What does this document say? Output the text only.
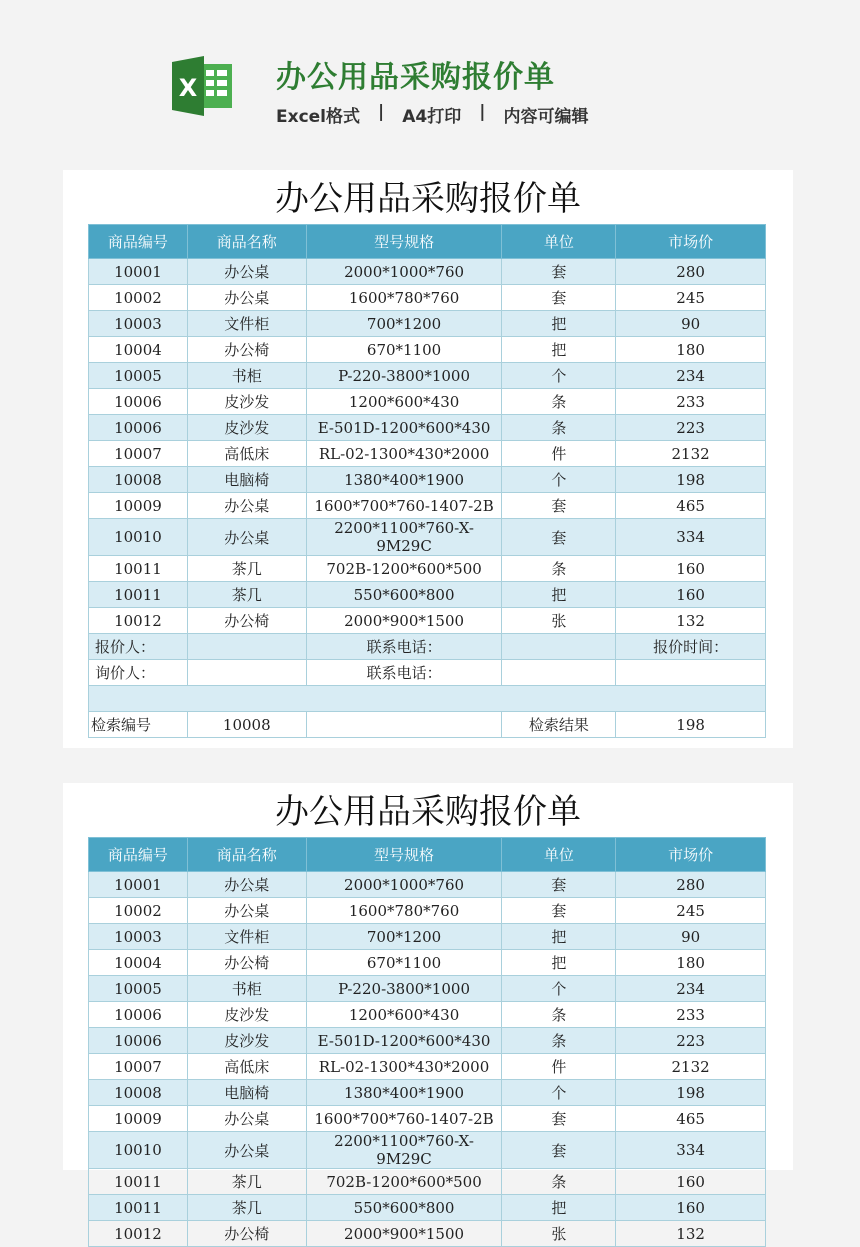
X	办公用品采购报价单
Excel格式 | A4打印 | 内容可编辑
办公用品采购报价单
商品编号	商品名称	型号规格	单位	市场价
10001	办公桌	2000*1000*760	套	280
10002	办公桌	1600*780*760	套	245
10003	文件柜	700*1200	把	90
10004	办公椅	670*1100	把	180
10005	书柜	P-220-3800*1000	个	234
10006	皮沙发	1200*600*430	条	233
10006	皮沙发	E-501D-1200*600*430	条	223
10007	高低床	RL-02-1300*430*2000	件	2132
10008	电脑椅	1380*400*1900	个	198
10009	办公桌	1600*700*760-1407-2B	套	465
10010	办公桌	2200*1100*760-X-9M29C	套	334
10011	茶几	702B-1200*600*500	条	160
10011	茶几	550*600*800	把	160
10012	办公椅	2000*900*1500	张	132
报价人：		联系电话：		报价时间：
询价人：		联系电话：		

检索编号	10008		检索结果	198
办公用品采购报价单
商品编号	商品名称	型号规格	单位	市场价
10001	办公桌	2000*1000*760	套	280
10002	办公桌	1600*780*760	套	245
10003	文件柜	700*1200	把	90
10004	办公椅	670*1100	把	180
10005	书柜	P-220-3800*1000	个	234
10006	皮沙发	1200*600*430	条	233
10006	皮沙发	E-501D-1200*600*430	条	223
10007	高低床	RL-02-1300*430*2000	件	2132
10008	电脑椅	1380*400*1900	个	198
10009	办公桌	1600*700*760-1407-2B	套	465
10010	办公桌	2200*1100*760-X-9M29C	套	334
10011	茶几	702B-1200*600*500	条	160
10011	茶几	550*600*800	把	160
10012	办公椅	2000*900*1500	张	132
